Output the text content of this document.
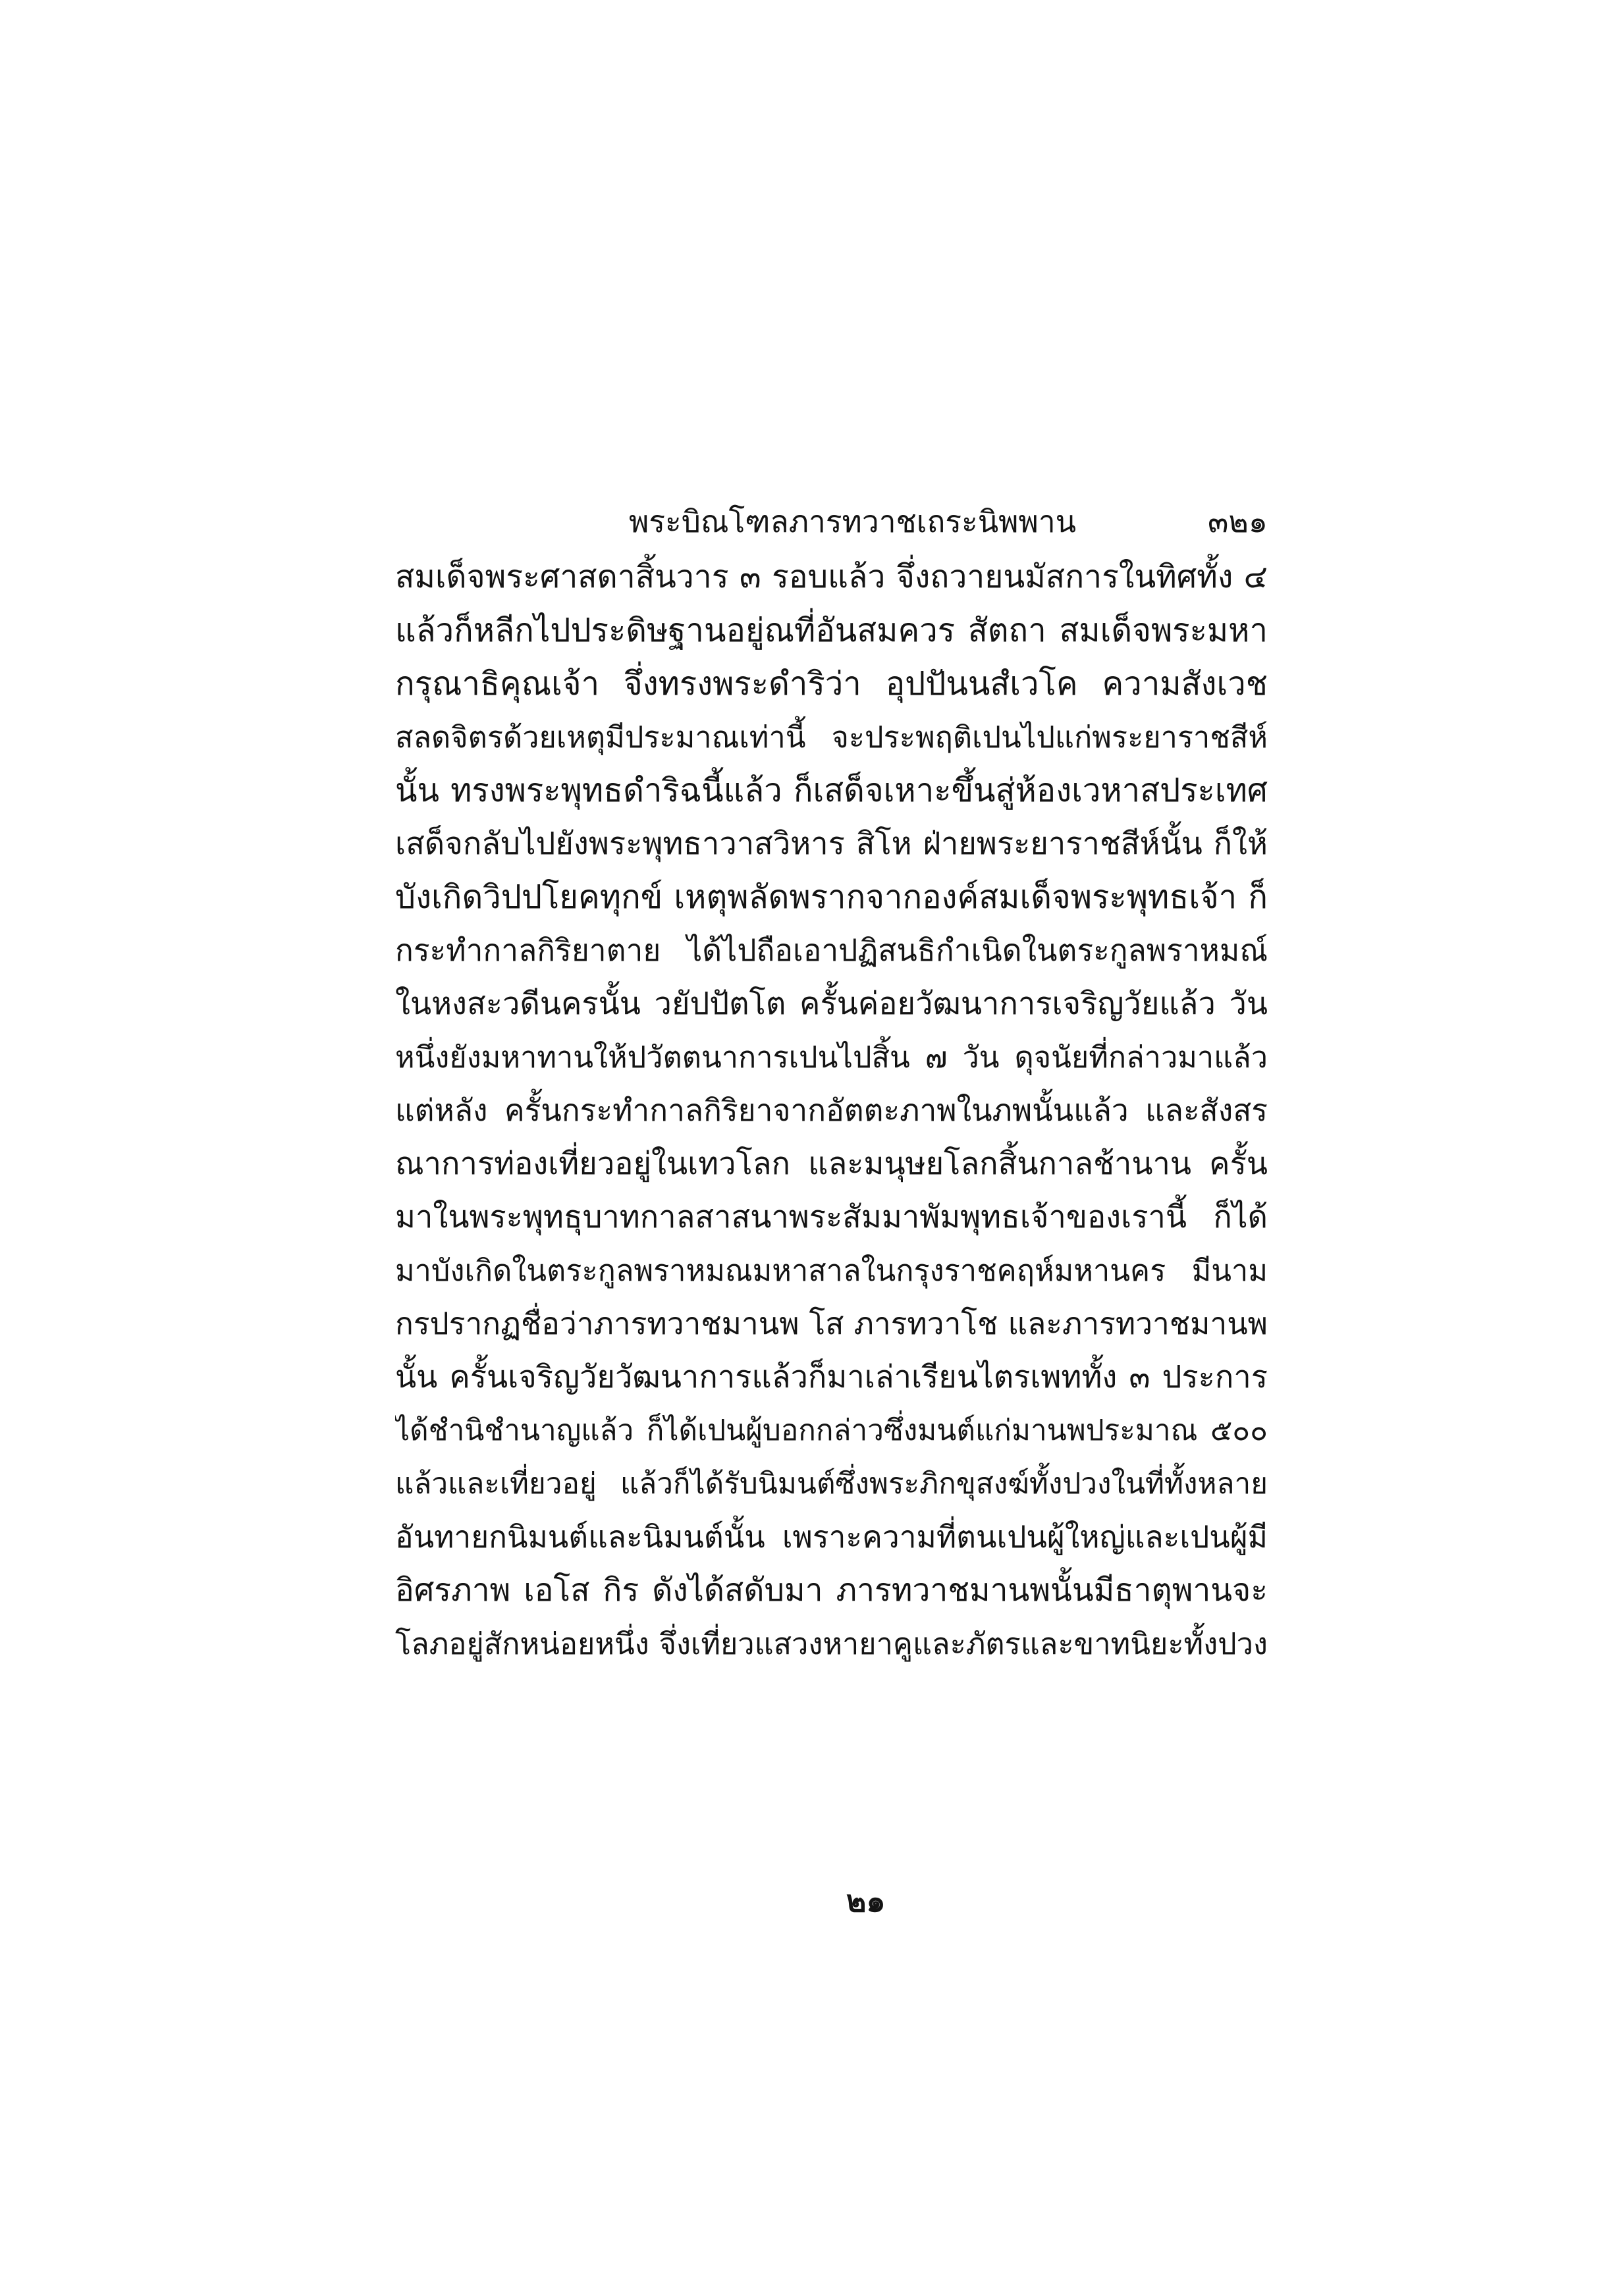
พระบิณโฑลภารทวาชเถระนิพพาน	๓๒๑
สมเด็จพระศาสดาสิ้นวาร ๓ รอบแล้ว จึ่งถวายนมัสการในทิศทั้ง ๔
แล้วก็หลีกไปประดิษฐานอยู่ณที่อันสมควร สัตถา สมเด็จพระมหา
กรุณาธิคุณเจ้า จึ่งทรงพระดำริว่า อุปปันนสํเวโค ความสังเวช
สลดจิตรด้วยเหตุมีประมาณเท่านี้ จะประพฤติเปนไปแก่พระยาราชสีห์
นั้น ทรงพระพุทธดำริฉนี้แล้ว ก็เสด็จเหาะขึ้นสู่ห้องเวหาสประเทศ
เสด็จกลับไปยังพระพุทธาวาสวิหาร สิโห ฝ่ายพระยาราชสีห์นั้น ก็ให้
บังเกิดวิปปโยคทุกข์ เหตุพลัดพรากจากองค์สมเด็จพระพุทธเจ้า ก็
กระทำกาลกิริยาตาย ได้ไปถือเอาปฏิสนธิกำเนิดในตระกูลพราหมณ์
ในหงสะวดีนครนั้น วยัปปัตโต ครั้นค่อยวัฒนาการเจริญวัยแล้ว วัน
หนึ่งยังมหาทานให้ปวัตตนาการเปนไปสิ้น ๗ วัน ดุจนัยที่กล่าวมาแล้ว
แต่หลัง ครั้นกระทำกาลกิริยาจากอัตตะภาพในภพนั้นแล้ว และสังสร
ณาการท่องเที่ยวอยู่ในเทวโลก และมนุษยโลกสิ้นกาลช้านาน ครั้น
มาในพระพุทธุบาทกาลสาสนาพระสัมมาพัมพุทธเจ้าของเรานี้ ก็ได้
มาบังเกิดในตระกูลพราหมณมหาสาลในกรุงราชคฤห์มหานคร มีนาม
กรปรากฏชื่อว่าภารทวาชมานพ โส ภารทวาโช และภารทวาชมานพ
นั้น ครั้นเจริญวัยวัฒนาการแล้วก็มาเล่าเรียนไตรเพททั้ง ๓ ประการ
ได้ชำนิชำนาญแล้ว ก็ได้เปนผู้บอกกล่าวซึ่งมนต์แก่มานพประมาณ ๕๐๐
แล้วและเที่ยวอยู่ แล้วก็ได้รับนิมนต์ซึ่งพระภิกขุสงฆ์ทั้งปวงในที่ทั้งหลาย
อันทายกนิมนต์และนิมนต์นั้น เพราะความที่ตนเปนผู้ใหญ่และเปนผู้มี
อิศรภาพ เอโส กิร ดังได้สดับมา ภารทวาชมานพนั้นมีธาตุพานจะ
โลภอยู่สักหน่อยหนึ่ง จึ่งเที่ยวแสวงหายาคูและภัตรและขาทนิยะทั้งปวง
๒๑
